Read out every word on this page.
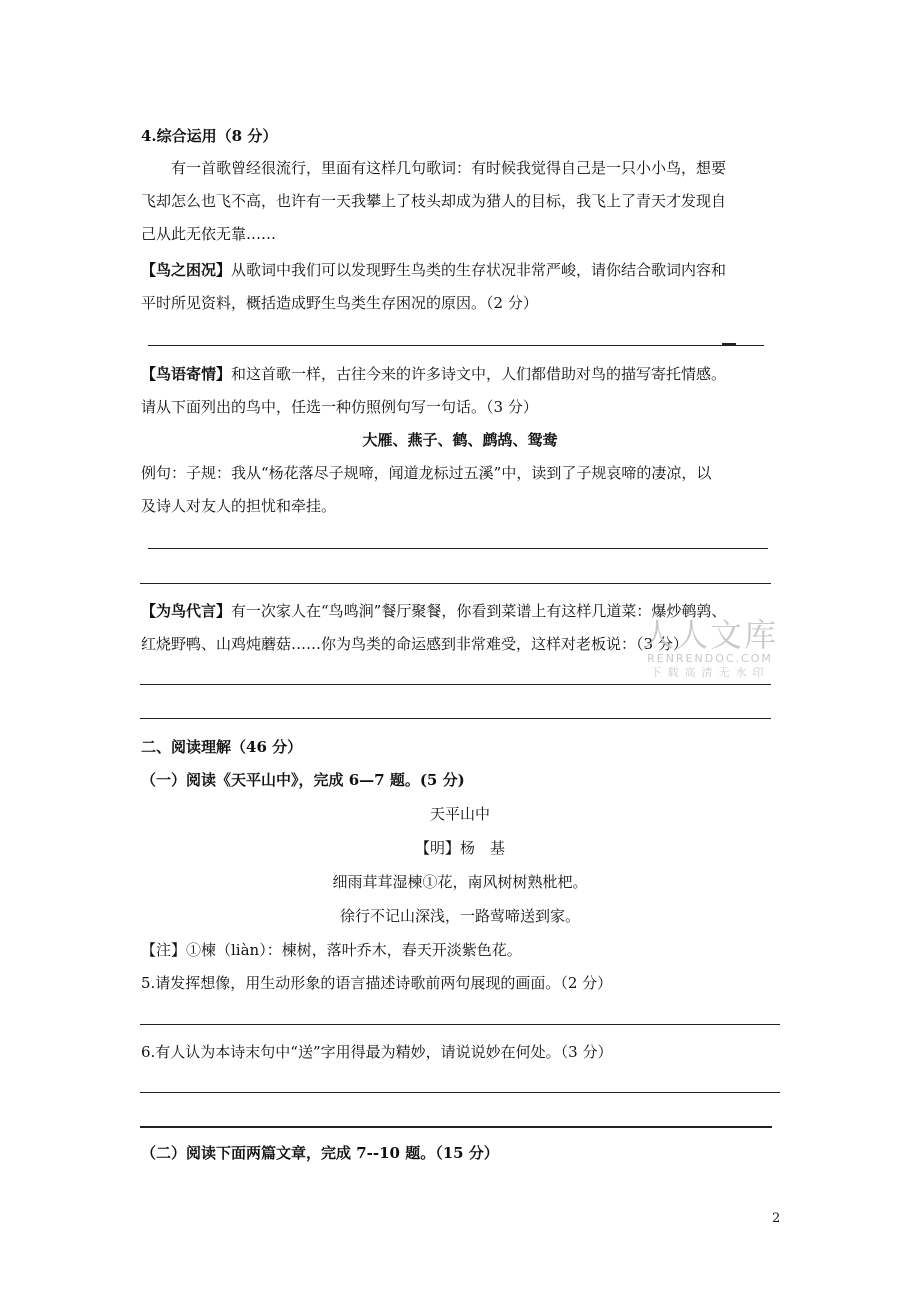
4.综合运用（8 分）
有一首歌曾经很流行，里面有这样几句歌词：有时候我觉得自己是一只小小鸟，想要
飞却怎么也飞不高，也许有一天我攀上了枝头却成为猎人的目标，我飞上了青天才发现自
己从此无依无靠……
【鸟之困况】从歌词中我们可以发现野生鸟类的生存状况非常严峻，请你结合歌词内容和
平时所见资料，概括造成野生鸟类生存困况的原因。（2 分）
【鸟语寄情】和这首歌一样，古往今来的许多诗文中，人们都借助对鸟的描写寄托情感。
请从下面列出的鸟中，任选一种仿照例句写一句话。（3 分）
大雁、燕子、鹤、鹧鸪、鸳鸯
例句：子规：我从“杨花落尽子规啼，闻道龙标过五溪”中，读到了子规哀啼的凄凉，以
及诗人对友人的担忧和牵挂。
【为鸟代言】有一次家人在“鸟鸣涧”餐厅聚餐，你看到菜谱上有这样几道菜：爆炒鹌鹑、
红烧野鸭、山鸡炖蘑菇……你为鸟类的命运感到非常难受，这样对老板说：（3 分）
人人文库
RENRENDOC.COM
下载高清无水印
二、阅读理解（46 分）
（一）阅读《天平山中》，完成 6—7 题。(5 分)
天平山中
【明】杨　基
细雨茸茸湿楝①花，南风树树熟枇杷。
徐行不记山深浅，一路莺啼送到家。
【注】①楝（liàn）：楝树，落叶乔木，春天开淡紫色花。
5.请发挥想像，用生动形象的语言描述诗歌前两句展现的画面。（2 分）
6.有人认为本诗末句中“送”字用得最为精妙，请说说妙在何处。（3 分）
（二）阅读下面两篇文章，完成 7--10 题。（15 分）
2
